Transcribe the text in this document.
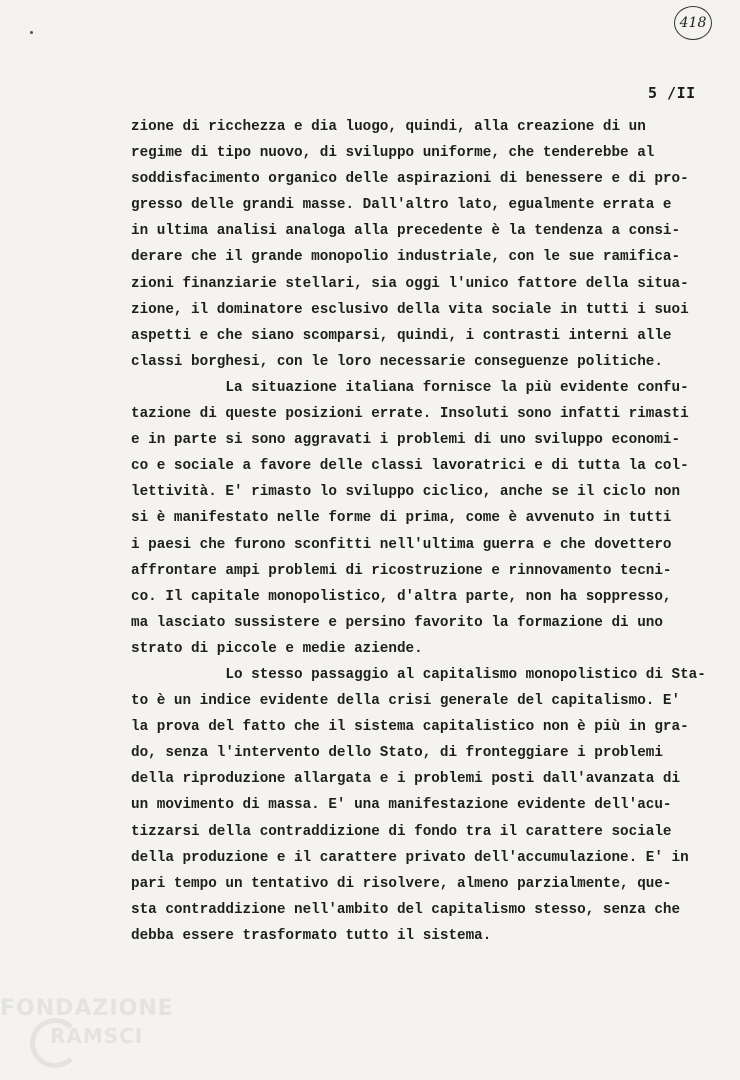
418
5 /II
zione di ricchezza e dia luogo, quindi, alla creazione di un
regime di tipo nuovo, di sviluppo uniforme, che tenderebbe al
soddisfacimento organico delle aspirazioni di benessere e di pro-
gresso delle grandi masse. Dall'altro lato, egualmente errata e
in ultima analisi analoga alla precedente è la tendenza a consi-
derare che il grande monopolio industriale, con le sue ramifica-
zioni finanziarie stellari, sia oggi l'unico fattore della situa-
zione, il dominatore esclusivo della vita sociale in tutti i suoi
aspetti e che siano scomparsi, quindi, i contrasti interni alle
classi borghesi, con le loro necessarie conseguenze politiche.
La situazione italiana fornisce la più evidente confu-
tazione di queste posizioni errate. Insoluti sono infatti rimasti
e in parte si sono aggravati i problemi di uno sviluppo economi-
co e sociale a favore delle classi lavoratrici e di tutta la col-
lettività. E' rimasto lo sviluppo ciclico, anche se il ciclo non
si è manifestato nelle forme di prima, come è avvenuto in tutti
i paesi che furono sconfitti nell'ultima guerra e che dovettero
affrontare ampi problemi di ricostruzione e rinnovamento tecni-
co. Il capitale monopolistico, d'altra parte, non ha soppresso,
ma lasciato sussistere e persino favorito la formazione di uno
strato di piccole e medie aziende.
Lo stesso passaggio al capitalismo monopolistico di Sta-
to è un indice evidente della crisi generale del capitalismo. E'
la prova del fatto che il sistema capitalistico non è più in gra-
do, senza l'intervento dello Stato, di fronteggiare i problemi
della riproduzione allargata e i problemi posti dall'avanzata di
un movimento di massa. E' una manifestazione evidente dell'acu-
tizzarsi della contraddizione di fondo tra il carattere sociale
della produzione e il carattere privato dell'accumulazione. E' in
pari tempo un tentativo di risolvere, almeno parzialmente, que-
sta contraddizione nell'ambito del capitalismo stesso, senza che
debba essere trasformato tutto il sistema.
FONDAZIONE
RAMSCI
